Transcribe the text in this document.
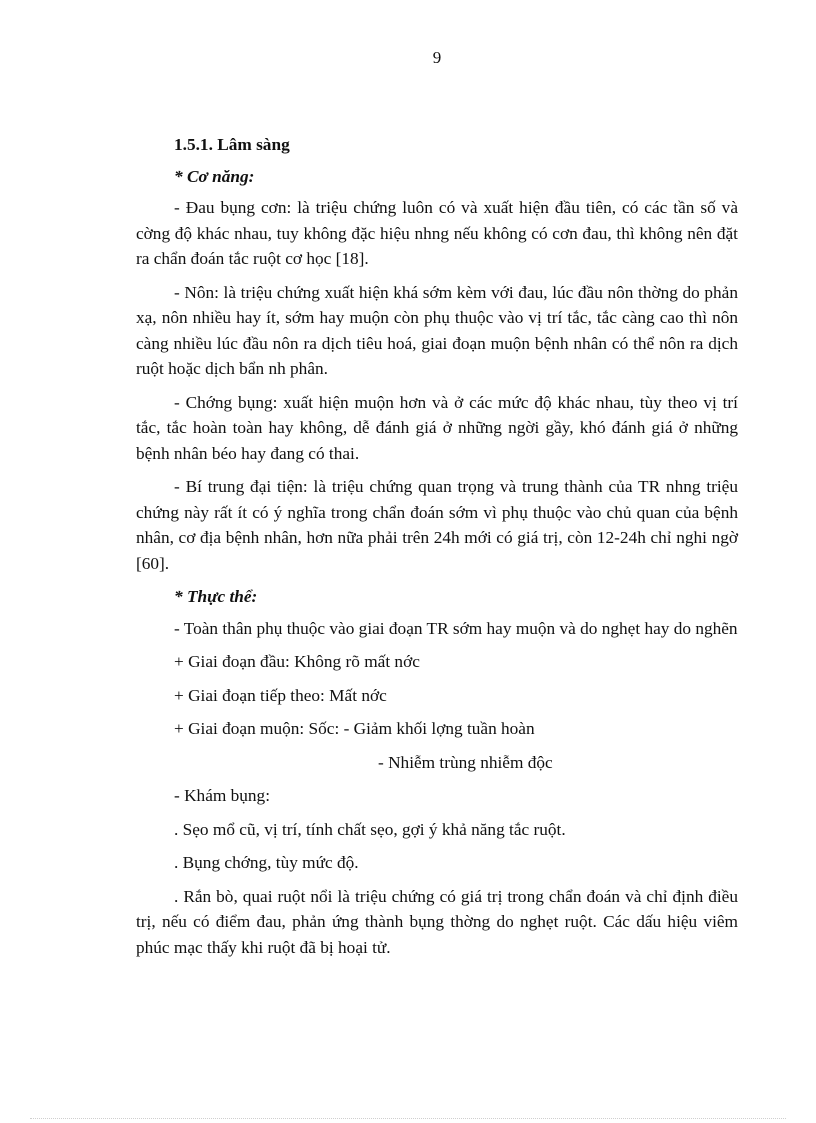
9
1.5.1. Lâm sàng
* Cơ năng:

- Đau bụng cơn: là triệu chứng luôn có và xuất hiện đầu tiên, có các tần số và cờng độ khác nhau, tuy không đặc hiệu nhng nếu không có cơn đau, thì không nên đặt ra chẩn đoán tắc ruột cơ học [18].

- Nôn: là triệu chứng xuất hiện khá sớm kèm với đau, lúc đầu nôn thờng do phản xạ, nôn nhiều hay ít, sớm hay muộn còn phụ thuộc vào vị trí tắc, tắc càng cao thì nôn càng nhiều lúc đầu nôn ra dịch tiêu hoá, giai đoạn muộn bệnh nhân có thể nôn ra dịch ruột hoặc dịch bẩn nh phân.

- Chớng bụng: xuất hiện muộn hơn và ở các mức độ khác nhau, tùy theo vị trí tắc, tắc hoàn toàn hay không, dễ đánh giá ở những ngời gầy, khó đánh giá ở những bệnh nhân béo hay đang có thai.

- Bí trung đại tiện: là triệu chứng quan trọng và trung thành của TR nhng triệu chứng này rất ít có ý nghĩa trong chẩn đoán sớm vì phụ thuộc vào chủ quan của bệnh nhân, cơ địa bệnh nhân, hơn nữa phải trên 24h mới có giá trị, còn 12-24h chỉ nghi ngờ [60].

* Thực thể:

- Toàn thân phụ thuộc vào giai đoạn TR sớm hay muộn và do nghẹt hay do nghẽn

+ Giai đoạn đầu: Không rõ mất nớc
+ Giai đoạn tiếp theo: Mất nớc
+ Giai đoạn muộn: Sốc: - Giảm khối lợng tuần hoàn
- Nhiễm trùng nhiễm độc
- Khám bụng:
. Sẹo mổ cũ, vị trí, tính chất sẹo, gợi ý khả năng tắc ruột.
. Bụng chớng, tùy mức độ.

. Rắn bò, quai ruột nổi là triệu chứng có giá trị trong chẩn đoán và chỉ định điều trị, nếu có điểm đau, phản ứng thành bụng thờng do nghẹt ruột. Các dấu hiệu viêm phúc mạc thấy khi ruột đã bị hoại tử.
